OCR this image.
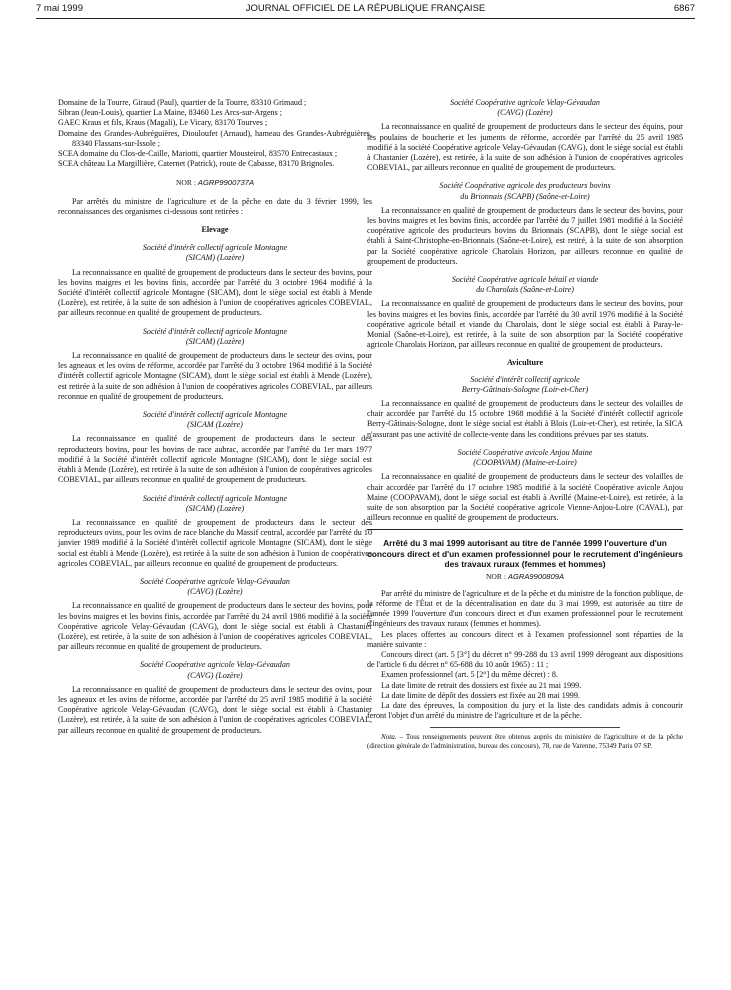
7 mai 1999	JOURNAL OFFICIEL DE LA RÉPUBLIQUE FRANÇAISE	6867

Domaine de la Tourre, Giraud (Paul), quartier de la Tourre, 83310 Grimaud ;

Sibran (Jean-Louis), quartier La Maine, 83460 Les Arcs-sur-Argens ;

GAEC Kraus et fils, Kraus (Magali), Le Vicary, 83170 Tourves ;

Domaine des Grandes-Aubréguières, Diouloufet (Arnaud), hameau des Grandes-Aubréguières, 83340 Flassans-sur-Issole ;

SCEA domaine du Clos-de-Caille, Mariotti, quartier Mousteirol, 83570 Entrecastaux ;

SCEA château La Margillière, Caternet (Patrick), route de Cabasse, 83170 Brignoles.

NOR : AGRP9900737A

Par arrêtés du ministre de l'agriculture et de la pêche en date du 3 février 1999, les reconnaissances des organismes ci-dessous sont retirées :

Elevage

Société d'intérêt collectif agricole Montagne

(SICAM) (Lozère)

La reconnaissance en qualité de groupement de producteurs dans le secteur des bovins, pour les bovins maigres et les bovins finis, accordée par l'arrêté du 3 octobre 1964 modifié à la Société d'intérêt collectif agricole Montagne (SICAM), dont le siège social est établi à Mende (Lozère), est retirée, à la suite de son adhésion à l'union de coopératives agricoles COBEVIAL, par ailleurs reconnue en qualité de groupement de producteurs.

Société d'intérêt collectif agricole Montagne

(SICAM) (Lozère)

La reconnaissance en qualité de groupement de producteurs dans le secteur des ovins, pour les agneaux et les ovins de réforme, accordée par l'arrêté du 3 octobre 1964 modifié à la Société d'intérêt collectif agricole Montagne (SICAM), dont le siège social est établi à Mende (Lozère), est retirée à la suite de son adhésion à l'union de coopératives agricoles COBEVIAL, par ailleurs reconnue en qualité de groupement de producteurs.

Société d'intérêt collectif agricole Montagne

(SICAM (Lozère)

La reconnaissance en qualité de groupement de producteurs dans le secteur des reproducteurs bovins, pour les bovins de race aubrac, accordée par l'arrêté du 1er mars 1977 modifié à la Société d'intérêt collectif agricole Montagne (SICAM), dont le siège social est établi à Mende (Lozère), est retirée à la suite de son adhésion à l'union de coopératives agricoles COBEVIAL, par ailleurs reconnue en qualité de groupement de producteurs.

Société d'intérêt collectif agricole Montagne

(SICAM) (Lozère)

La reconnaissance en qualité de groupement de producteurs dans le secteur des reproducteurs ovins, pour les ovins de race blanche du Massif central, accordée par l'arrêté du 10 janvier 1989 modifié à la Société d'intérêt collectif agricole Montagne (SICAM), dont le siège social est établi à Mende (Lozère), est retirée à la suite de son adhésion à l'union de coopératives agricoles COBEVIAL, par ailleurs reconnue en qualité de groupement de producteurs.

Société Coopérative agricole Velay-Gévaudan

(CAVG) (Lozère)

La reconnaissance en qualité de groupement de producteurs dans le secteur des bovins, pour les bovins maigres et les bovins finis, accordée par l'arrêté du 24 avril 1986 modifié à la société Coopérative agricole Velay-Gévaudan (CAVG), dont le siège social est établi à Chastanier (Lozère), est retirée, à la suite de son adhésion à l'union de coopératives agricoles COBEVIAL, par ailleurs reconnue en qualité de groupement de producteurs.

Société Coopérative agricole Velay-Gévaudan

(CAVG) (Lozère)

La reconnaissance en qualité de groupement de producteurs dans le secteur des ovins, pour les agneaux et les ovins de réforme, accordée par l'arrêté du 25 avril 1985 modifié à la société Coopérative agricole Velay-Gévaudan (CAVG), dont le siège social est établi à Chastanier (Lozère), est retirée, à la suite de son adhésion à l'union de coopératives agricoles COBEVIAL, par ailleurs reconnue en qualité de groupement de producteurs.

Société Coopérative agricole Velay-Gévaudan

(CAVG) (Lozère)

La reconnaissance en qualité de groupement de producteurs dans le secteur des équins, pour les poulains de boucherie et les juments de réforme, accordée par l'arrêté du 25 avril 1985 modifié à la société Coopérative agricole Velay-Gévaudan (CAVG), dont le siège social est établi à Chastanier (Lozère), est retirée, à la suite de son adhésion à l'union de coopératives agricoles COBEVIAL, par ailleurs reconnue en qualité de groupement de producteurs.

Société Coopérative agricole des producteurs bovins

du Brionnais (SCAPB) (Saône-et-Loire)

La reconnaissance en qualité de groupement de producteurs dans le secteur des bovins, pour les bovins maigres et les bovins finis, accordée par l'arrêté du 7 juillet 1981 modifié à la Société coopérative agricole des producteurs bovins du Brionnais (SCAPB), dont le siège social est établi à Saint-Christophe-en-Brionnais (Saône-et-Loire), est retiré, à la suite de son absorption par la Société coopérative agricole Charolais Horizon, par ailleurs reconnue en qualité de groupement de producteurs.

Société Coopérative agricole bétail et viande

du Charolais (Saône-et-Loire)

La reconnaissance en qualité de groupement de producteurs dans le secteur des bovins, pour les bovins maigres et les bovins finis, accordée par l'arrêté du 30 avril 1976 modifié à la Société coopérative agricole bétail et viande du Charolais, dont le siège social est établi à Paray-le-Monial (Saône-et-Loire), est retirée, à la suite de son absorption par la Société coopérative agricole Charolais Horizon, par ailleurs reconnue en qualité de groupement de producteurs.

Aviculture

Société d'intérêt collectif agricole

Berry-Gâtinais-Sologne (Loir-et-Cher)

La reconnaissance en qualité de groupement de producteurs dans le secteur des volailles de chair accordée par l'arrêté du 15 octobre 1968 modifié à la Société d'intérêt collectif agricole Berry-Gâtinais-Sologne, dont le siège social est établi à Blois (Loir-et-Cher), est retirée, la SICA n'assurant pas une activité de collecte-vente dans les conditions prévues par ses statuts.

Société Coopérative avicole Anjou Maine

(COOPAVAM) (Maine-et-Loire)

La reconnaissance en qualité de groupement de producteurs dans le secteur des volailles de chair accordée par l'arrêté du 17 octobre 1985 modifié à la société Coopérative avicole Anjou Maine (COOPAVAM), dont le siège social est établi à Avrillé (Maine-et-Loire), est retirée, à la suite de son absorption par la Société coopérative agricole Vienne-Anjou-Loire (CAVAL), par ailleurs reconnue en qualité de groupement de producteurs.

Arrêté du 3 mai 1999 autorisant au titre de l'année 1999 l'ouverture d'un concours direct et d'un examen professionnel pour le recrutement d'ingénieurs des travaux ruraux (femmes et hommes)

NOR : AGRA9900809A

Par arrêté du ministre de l'agriculture et de la pêche et du ministre de la fonction publique, de la réforme de l'État et de la décentralisation en date du 3 mai 1999, est autorisée au titre de l'année 1999 l'ouverture d'un concours direct et d'un examen professionnel pour le recrutement d'ingénieurs des travaux ruraux (femmes et hommes).

Les places offertes au concours direct et à l'examen professionnel sont réparties de la manière suivante :

Concours direct (art. 5 [3°] du décret n° 99-288 du 13 avril 1999 dérogeant aux dispositions de l'article 6 du décret n° 65-688 du 10 août 1965) : 11 ;

Examen professionnel (art. 5 [2°] du même décret) : 8.

La date limite de retrait des dossiers est fixée au 21 mai 1999.

La date limite de dépôt des dossiers est fixée au 28 mai 1999.

La date des épreuves, la composition du jury et la liste des candidats admis à concourir feront l'objet d'un arrêté du ministre de l'agriculture et de la pêche.

Nota. – Tous renseignements peuvent être obtenus auprès du ministère de l'agriculture et de la pêche (direction générale de l'administration, bureau des concours), 78, rue de Varenne, 75349 Paris 07 SP.
